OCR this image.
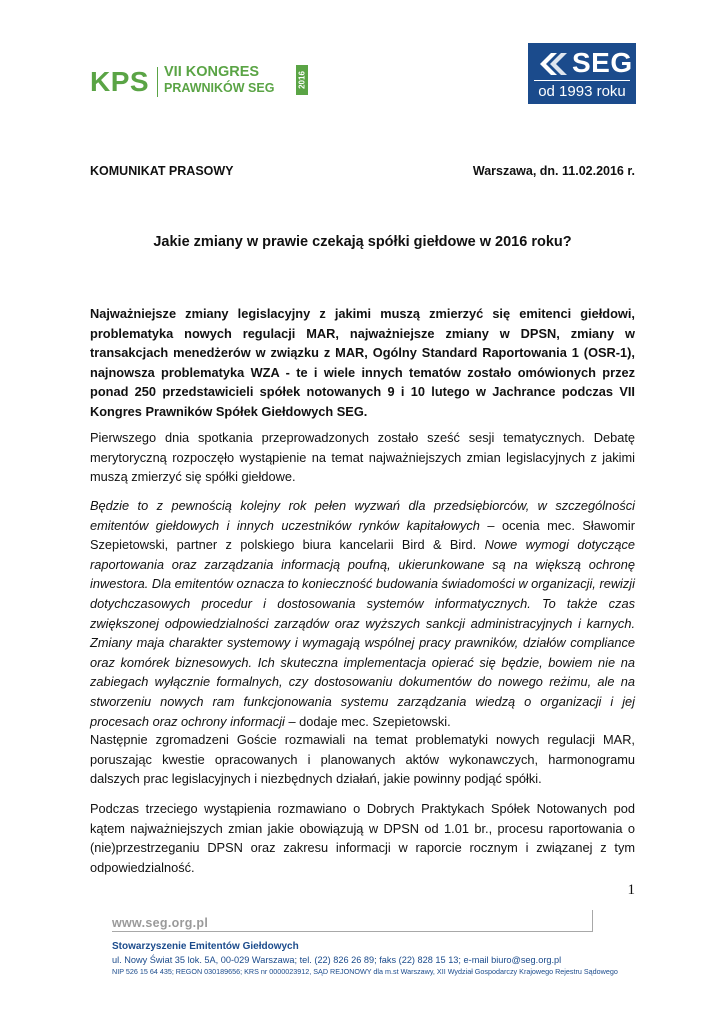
KPS VII KONGRES
PRAWNIKÓW SEG	2016
SEG
od 1993 roku
KOMUNIKAT PRASOWY	Warszawa, dn. 11.02.2016 r.
Jakie zmiany w prawie czekają spółki giełdowe w 2016 roku?
Najważniejsze zmiany legislacyjny z jakimi muszą zmierzyć się emitenci giełdowi, problematyka nowych regulacji MAR, najważniejsze zmiany w DPSN, zmiany w transakcjach menedżerów w związku z MAR, Ogólny Standard Raportowania 1 (OSR-1), najnowsza problematyka WZA - te i wiele innych tematów zostało omówionych przez ponad 250 przedstawicieli spółek notowanych 9 i 10 lutego w Jachrance podczas VII Kongres Prawników Spółek Giełdowych SEG.
Pierwszego dnia spotkania przeprowadzonych zostało sześć sesji tematycznych. Debatę merytoryczną rozpoczęło wystąpienie na temat najważniejszych zmian legislacyjnych z jakimi muszą zmierzyć się spółki giełdowe.
Będzie to z pewnością kolejny rok pełen wyzwań dla przedsiębiorców, w szczególności emitentów giełdowych i innych uczestników rynków kapitałowych – ocenia mec. Sławomir Szepietowski, partner z polskiego biura kancelarii Bird & Bird. Nowe wymogi dotyczące raportowania oraz zarządzania informacją poufną, ukierunkowane są na większą ochronę inwestora. Dla emitentów oznacza to konieczność budowania świadomości w organizacji, rewizji dotychczasowych procedur i dostosowania systemów informatycznych. To także czas zwiększonej odpowiedzialności zarządów oraz wyższych sankcji administracyjnych i karnych. Zmiany maja charakter systemowy i wymagają wspólnej pracy prawników, działów compliance oraz komórek biznesowych. Ich skuteczna implementacja opierać się będzie, bowiem nie na zabiegach wyłącznie formalnych, czy dostosowaniu dokumentów do nowego reżimu, ale na stworzeniu nowych ram funkcjonowania systemu zarządzania wiedzą o organizacji i jej procesach oraz ochrony informacji – dodaje mec. Szepietowski.
Następnie zgromadzeni Goście rozmawiali na temat problematyki nowych regulacji MAR, poruszając kwestie opracowanych i planowanych aktów wykonawczych, harmonogramu dalszych prac legislacyjnych i niezbędnych działań, jakie powinny podjąć spółki.
Podczas trzeciego wystąpienia rozmawiano o Dobrych Praktykach Spółek Notowanych pod kątem najważniejszych zmian jakie obowiązują w DPSN od 1.01 br., procesu raportowania o (nie)przestrzeganiu DPSN oraz zakresu informacji w raporcie rocznym i związanej z tym odpowiedzialność.
1
www.seg.org.pl
Stowarzyszenie Emitentów Giełdowych
ul. Nowy Świat 35 lok. 5A, 00-029 Warszawa; tel. (22) 826 26 89; faks (22) 828 15 13; e-mail biuro@seg.org.pl
NIP 526 15 64 435; REGON 030189656; KRS nr 0000023912, SĄD REJONOWY dla m.st Warszawy, XII Wydział Gospodarczy Krajowego Rejestru Sądowego
